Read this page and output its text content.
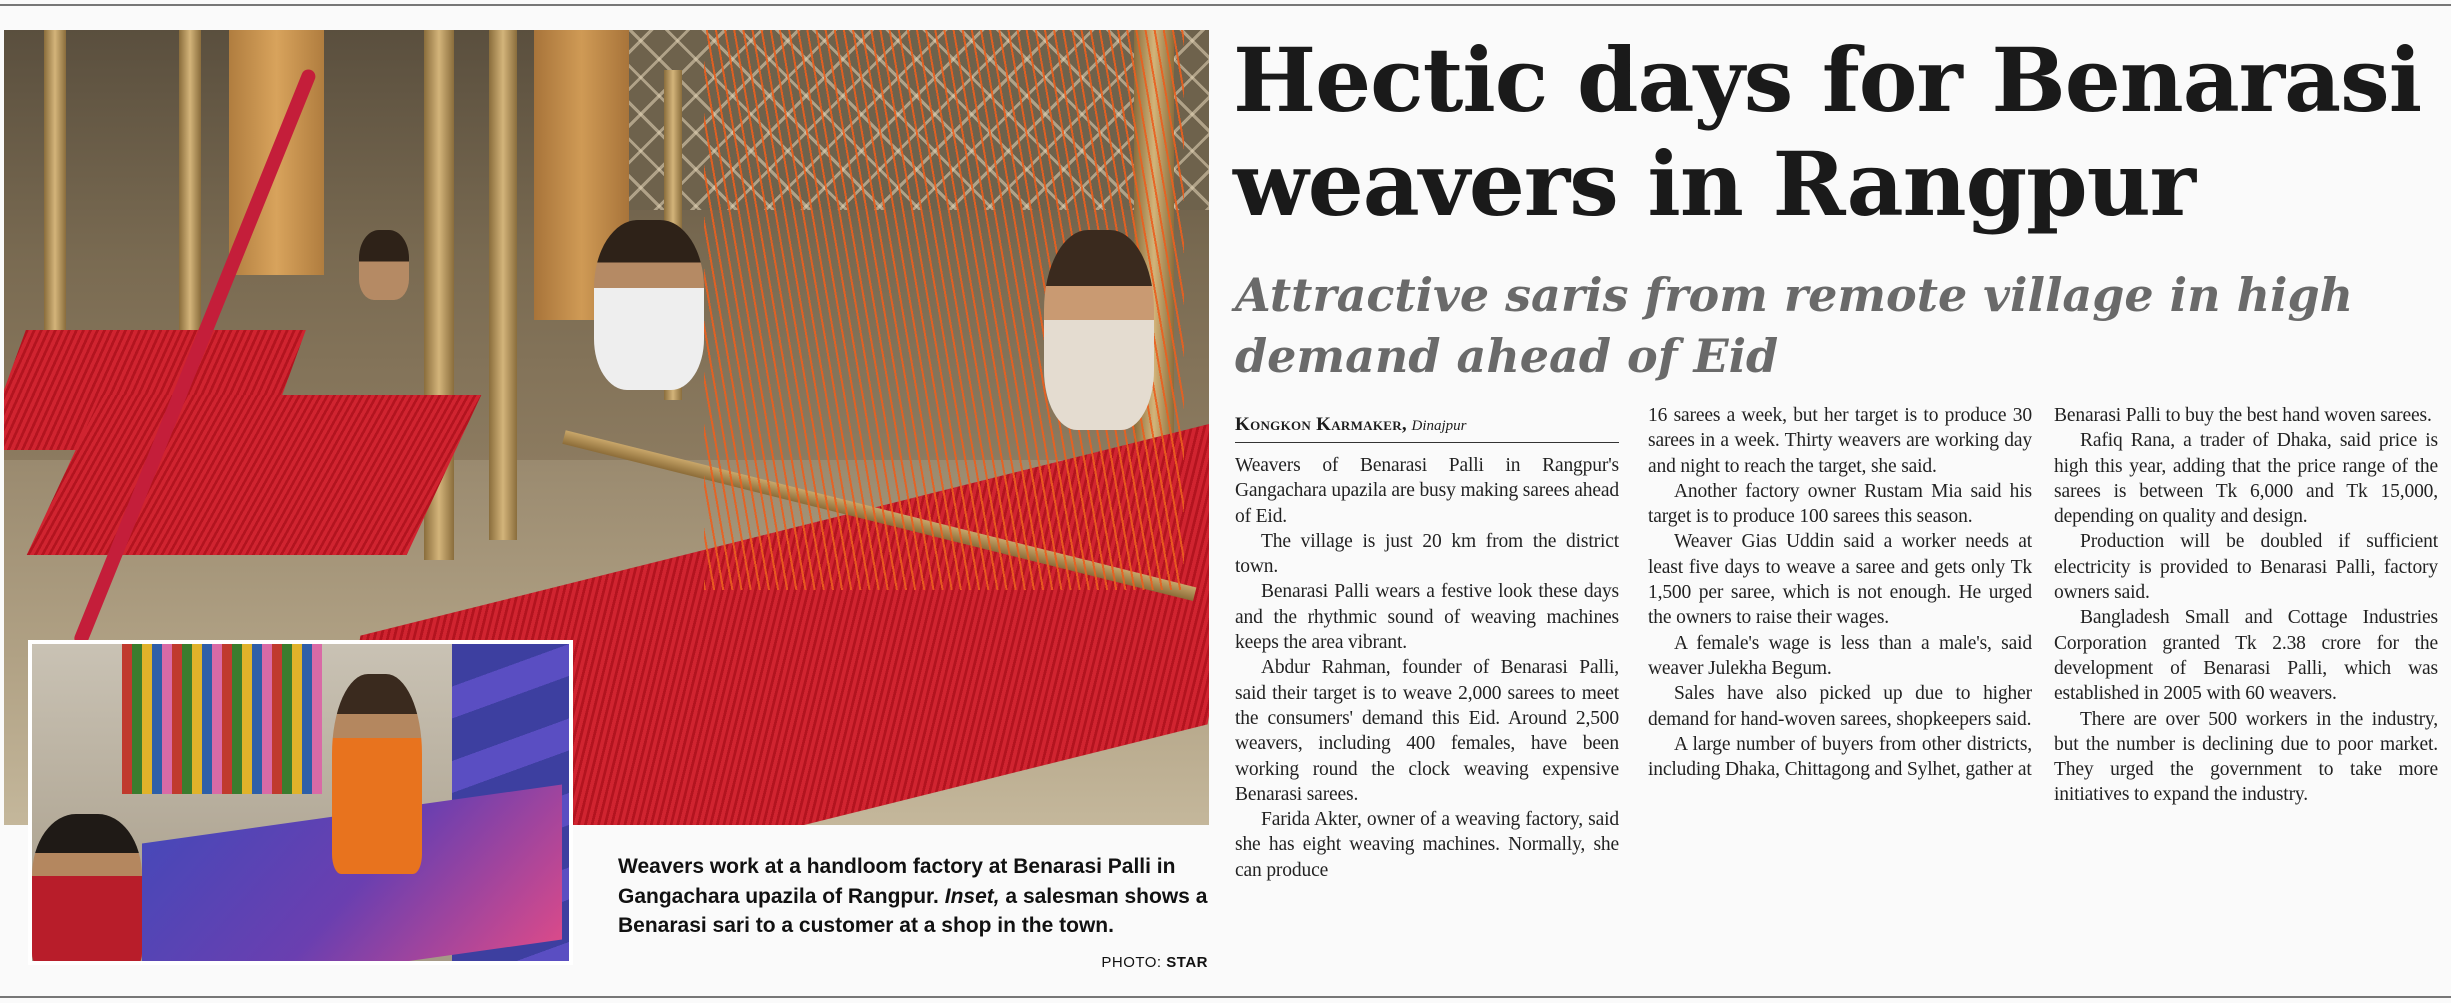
Weavers work at a handloom factory at Benarasi Palli in Gangachara upazila of Rangpur. Inset, a salesman shows a Benarasi sari to a customer at a shop in the town.
PHOTO: STAR
Hectic days for Benarasi
weavers in Rangpur
Attractive saris from remote village in high
demand ahead of Eid
Kongkon Karmaker, Dinajpur

Weavers of Benarasi Palli in Rangpur's Gangachara upazila are busy making sarees ahead of Eid.

The village is just 20 km from the district town.

Benarasi Palli wears a festive look these days and the rhythmic sound of weaving machines keeps the area vibrant.

Abdur Rahman, founder of Benarasi Palli, said their target is to weave 2,000 sarees to meet the consumers' demand this Eid. Around 2,500 weavers, including 400 females, have been working round the clock weaving expensive Benarasi sarees.

Farida Akter, owner of a weaving factory, said she has eight weaving machines. Normally, she can produce

16 sarees a week, but her target is to produce 30 sarees in a week. Thirty weavers are working day and night to reach the target, she said.

Another factory owner Rustam Mia said his target is to produce 100 sarees this season.

Weaver Gias Uddin said a worker needs at least five days to weave a saree and gets only Tk 1,500 per saree, which is not enough. He urged the owners to raise their wages.

A female's wage is less than a male's, said weaver Julekha Begum.

Sales have also picked up due to higher demand for hand-woven sarees, shopkeepers said.

A large number of buyers from other districts, including Dhaka, Chittagong and Sylhet, gather at

Benarasi Palli to buy the best hand woven sarees.

Rafiq Rana, a trader of Dhaka, said price is high this year, adding that the price range of the sarees is between Tk 6,000 and Tk 15,000, depending on quality and design.

Production will be doubled if sufficient electricity is provided to Benarasi Palli, factory owners said.

Bangladesh Small and Cottage Industries Corporation granted Tk 2.38 crore for the development of Benarasi Palli, which was established in 2005 with 60 weavers.

There are over 500 workers in the industry, but the number is declining due to poor market. They urged the government to take more initiatives to expand the industry.
